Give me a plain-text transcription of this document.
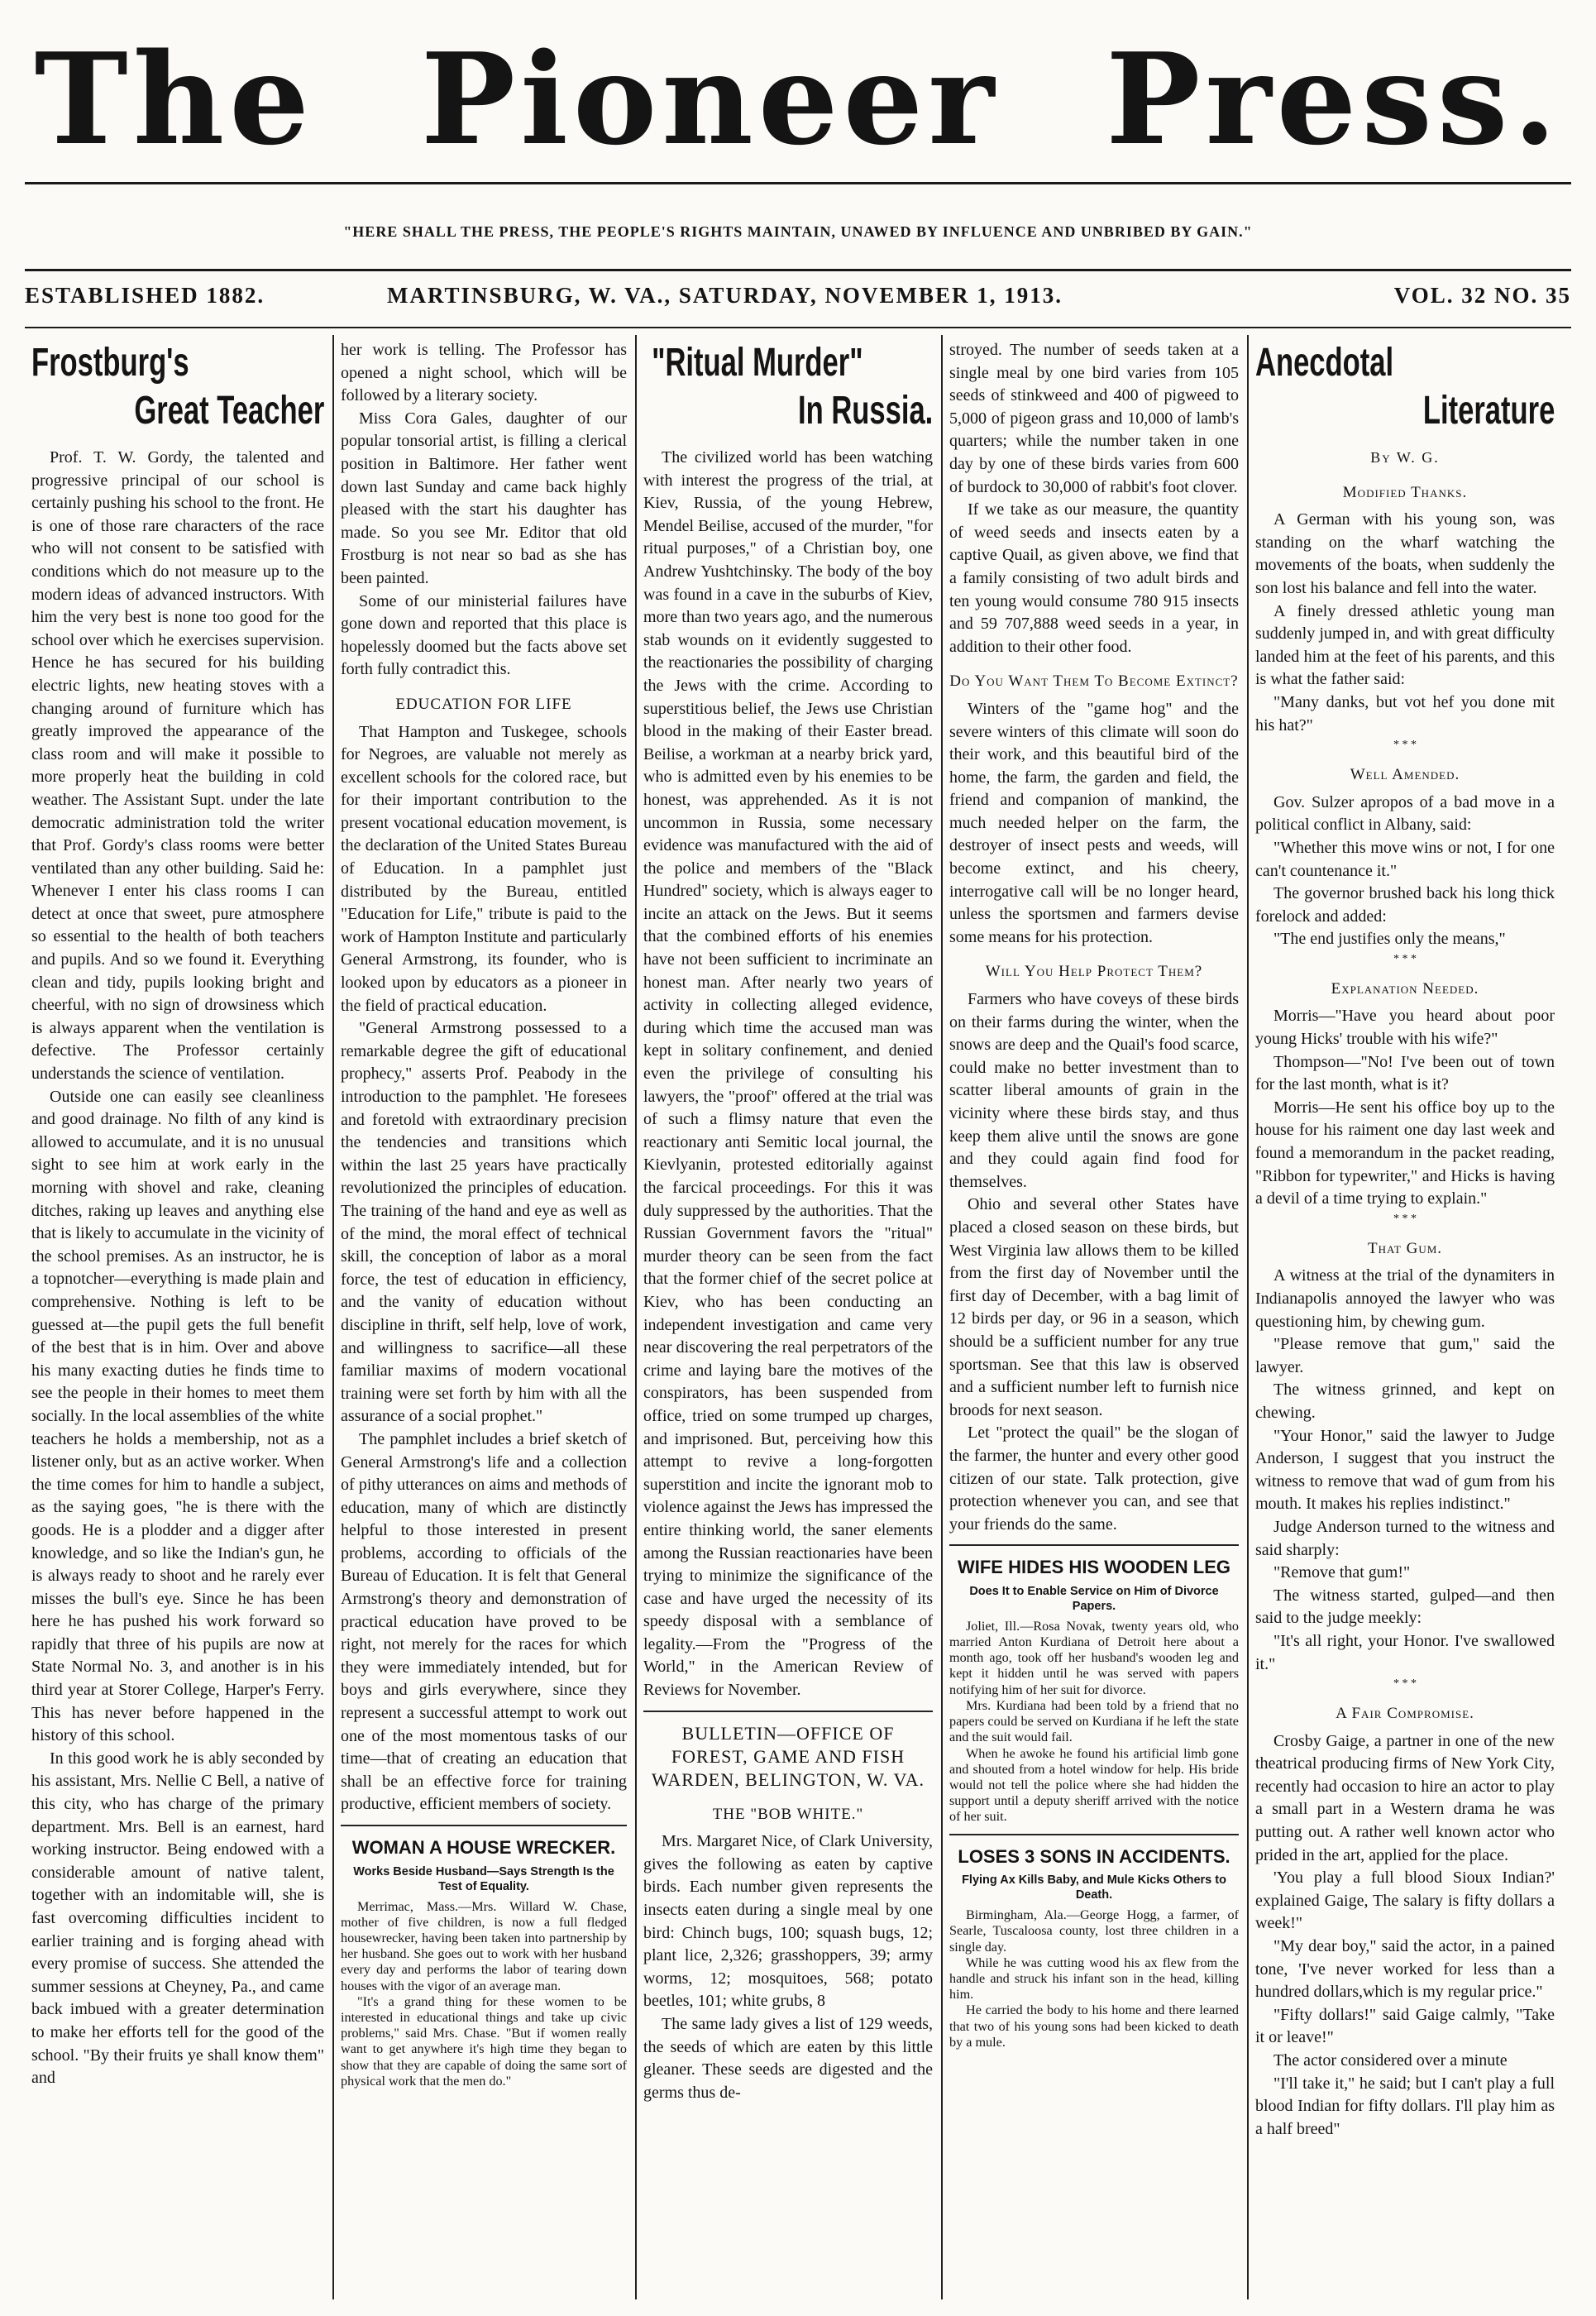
The Pioneer Press.
"HERE SHALL THE PRESS, THE PEOPLE'S RIGHTS MAINTAIN, UNAWED BY INFLUENCE AND UNBRIBED BY GAIN."
ESTABLISHED 1882.	MARTINSBURG, W. VA., SATURDAY, NOVEMBER 1, 1913.	VOL. 32 NO. 35
Frostburg's
Great Teacher

Prof. T. W. Gordy, the talented and progressive principal of our school is certainly pushing his school to the front. He is one of those rare characters of the race who will not consent to be satisfied with conditions which do not measure up to the modern ideas of advanced instructors. With him the very best is none too good for the school over which he exercises supervision. Hence he has secured for his building electric lights, new heating stoves with a changing around of furniture which has greatly improved the appearance of the class room and will make it possible to more properly heat the building in cold weather. The Assistant Supt. under the late democratic administration told the writer that Prof. Gordy's class rooms were better ventilated than any other building. Said he: Whenever I enter his class rooms I can detect at once that sweet, pure atmosphere so essential to the health of both teachers and pupils. And so we found it. Everything clean and tidy, pupils looking bright and cheerful, with no sign of drowsiness which is always apparent when the ventilation is defective. The Professor certainly understands the science of ventilation.

Outside one can easily see cleanliness and good drainage. No filth of any kind is allowed to accumulate, and it is no unusual sight to see him at work early in the morning with shovel and rake, cleaning ditches, raking up leaves and anything else that is likely to accumulate in the vicinity of the school premises. As an instructor, he is a topnotcher—everything is made plain and comprehensive. Nothing is left to be guessed at—the pupil gets the full benefit of the best that is in him. Over and above his many exacting duties he finds time to see the people in their homes to meet them socially. In the local assemblies of the white teachers he holds a membership, not as a listener only, but as an active worker. When the time comes for him to handle a subject, as the saying goes, "he is there with the goods. He is a plodder and a digger after knowledge, and so like the Indian's gun, he is always ready to shoot and he rarely ever misses the bull's eye. Since he has been here he has pushed his work forward so rapidly that three of his pupils are now at State Normal No. 3, and another is in his third year at Storer College, Harper's Ferry. This has never before happened in the history of this school.

In this good work he is ably seconded by his assistant, Mrs. Nellie C Bell, a native of this city, who has charge of the primary department. Mrs. Bell is an earnest, hard working instructor. Being endowed with a considerable amount of native talent, together with an indomitable will, she is fast overcoming difficulties incident to earlier training and is forging ahead with every promise of success. She attended the summer sessions at Cheyney, Pa., and came back imbued with a greater determination to make her efforts tell for the good of the school. "By their fruits ye shall know them" and

her work is telling. The Professor has opened a night school, which will be followed by a literary society.

Miss Cora Gales, daughter of our popular tonsorial artist, is filling a clerical position in Baltimore. Her father went down last Sunday and came back highly pleased with the start his daughter has made. So you see Mr. Editor that old Frostburg is not near so bad as she has been painted.

Some of our ministerial failures have gone down and reported that this place is hopelessly doomed but the facts above set forth fully contradict this.

EDUCATION FOR LIFE

That Hampton and Tuskegee, schools for Negroes, are valuable not merely as excellent schools for the colored race, but for their important contribution to the present vocational education movement, is the declaration of the United States Bureau of Education. In a pamphlet just distributed by the Bureau, entitled "Education for Life," tribute is paid to the work of Hampton Institute and particularly General Armstrong, its founder, who is looked upon by educators as a pioneer in the field of practical education.

"General Armstrong possessed to a remarkable degree the gift of educational prophecy," asserts Prof. Peabody in the introduction to the pamphlet. 'He foresees and foretold with extraordinary precision the tendencies and transitions which within the last 25 years have practically revolutionized the principles of education. The training of the hand and eye as well as of the mind, the moral effect of technical skill, the conception of labor as a moral force, the test of education in efficiency, and the vanity of education without discipline in thrift, self help, love of work, and willingness to sacrifice—all these familiar maxims of modern vocational training were set forth by him with all the assurance of a social prophet."

The pamphlet includes a brief sketch of General Armstrong's life and a collection of pithy utterances on aims and methods of education, many of which are distinctly helpful to those interested in present problems, according to officials of the Bureau of Education. It is felt that General Armstrong's theory and demonstration of practical education have proved to be right, not merely for the races for which they were immediately intended, but for boys and girls everywhere, since they represent a successful attempt to work out one of the most momentous tasks of our time—that of creating an education that shall be an effective force for training productive, efficient members of society.

WOMAN A HOUSE WRECKER.
Works Beside Husband—Says Strength Is the Test of Equality.

Merrimac, Mass.—Mrs. Willard W. Chase, mother of five children, is now a full fledged housewrecker, having been taken into partnership by her husband. She goes out to work with her husband every day and performs the labor of tearing down houses with the vigor of an average man.

"It's a grand thing for these women to be interested in educational things and take up civic problems," said Mrs. Chase. "But if women really want to get anywhere it's high time they began to show that they are capable of doing the same sort of physical work that the men do."

"Ritual Murder"
In Russia.

The civilized world has been watching with interest the progress of the trial, at Kiev, Russia, of the young Hebrew, Mendel Beilise, accused of the murder, "for ritual purposes," of a Christian boy, one Andrew Yushtchinsky. The body of the boy was found in a cave in the suburbs of Kiev, more than two years ago, and the numerous stab wounds on it evidently suggested to the reactionaries the possibility of charging the Jews with the crime. According to superstitious belief, the Jews use Christian blood in the making of their Easter bread. Beilise, a workman at a nearby brick yard, who is admitted even by his enemies to be honest, was apprehended. As it is not uncommon in Russia, some necessary evidence was manufactured with the aid of the police and members of the "Black Hundred" society, which is always eager to incite an attack on the Jews. But it seems that the combined efforts of his enemies have not been sufficient to incriminate an honest man. After nearly two years of activity in collecting alleged evidence, during which time the accused man was kept in solitary confinement, and denied even the privilege of consulting his lawyers, the "proof" offered at the trial was of such a flimsy nature that even the reactionary anti Semitic local journal, the Kievlyanin, protested editorially against the farcical proceedings. For this it was duly suppressed by the authorities. That the Russian Government favors the "ritual" murder theory can be seen from the fact that the former chief of the secret police at Kiev, who has been conducting an independent investigation and came very near discovering the real perpetrators of the crime and laying bare the motives of the conspirators, has been suspended from office, tried on some trumped up charges, and imprisoned. But, perceiving how this attempt to revive a long-forgotten superstition and incite the ignorant mob to violence against the Jews has impressed the entire thinking world, the saner elements among the Russian reactionaries have been trying to minimize the significance of the case and have urged the necessity of its speedy disposal with a semblance of legality.—From the "Progress of the World," in the American Review of Reviews for November.

BULLETIN—OFFICE OF FOREST, GAME AND FISH WARDEN, BELINGTON, W. VA.
THE "BOB WHITE."

Mrs. Margaret Nice, of Clark University, gives the following as eaten by captive birds. Each number given represents the insects eaten during a single meal by one bird: Chinch bugs, 100; squash bugs, 12; plant lice, 2,326; grasshoppers, 39; army worms, 12; mosquitoes, 568; potato beetles, 101; white grubs, 8

The same lady gives a list of 129 weeds, the seeds of which are eaten by this little gleaner. These seeds are digested and the germs thus de-

stroyed. The number of seeds taken at a single meal by one bird varies from 105 seeds of stinkweed and 400 of pigweed to 5,000 of pigeon grass and 10,000 of lamb's quarters; while the number taken in one day by one of these birds varies from 600 of burdock to 30,000 of rabbit's foot clover.

If we take as our measure, the quantity of weed seeds and insects eaten by a captive Quail, as given above, we find that a family consisting of two adult birds and ten young would consume 780 915 insects and 59 707,888 weed seeds in a year, in addition to their other food.

Do You Want Them To Become Extinct?

Winters of the "game hog" and the severe winters of this climate will soon do their work, and this beautiful bird of the home, the farm, the garden and field, the friend and companion of mankind, the much needed helper on the farm, the destroyer of insect pests and weeds, will become extinct, and his cheery, interrogative call will be no longer heard, unless the sportsmen and farmers devise some means for his protection.

Will You Help Protect Them?

Farmers who have coveys of these birds on their farms during the winter, when the snows are deep and the Quail's food scarce, could make no better investment than to scatter liberal amounts of grain in the vicinity where these birds stay, and thus keep them alive until the snows are gone and they could again find food for themselves.

Ohio and several other States have placed a closed season on these birds, but West Virginia law allows them to be killed from the first day of November until the first day of December, with a bag limit of 12 birds per day, or 96 in a season, which should be a sufficient number for any true sportsman. See that this law is observed and a sufficient number left to furnish nice broods for next season.

Let "protect the quail" be the slogan of the farmer, the hunter and every other good citizen of our state. Talk protection, give protection whenever you can, and see that your friends do the same.

WIFE HIDES HIS WOODEN LEG
Does It to Enable Service on Him of Divorce Papers.

Joliet, Ill.—Rosa Novak, twenty years old, who married Anton Kurdiana of Detroit here about a month ago, took off her husband's wooden leg and kept it hidden until he was served with papers notifying him of her suit for divorce.

Mrs. Kurdiana had been told by a friend that no papers could be served on Kurdiana if he left the state and the suit would fail.

When he awoke he found his artificial limb gone and shouted from a hotel window for help. His bride would not tell the police where she had hidden the support until a deputy sheriff arrived with the notice of her suit.

LOSES 3 SONS IN ACCIDENTS.
Flying Ax Kills Baby, and Mule Kicks Others to Death.

Birmingham, Ala.—George Hogg, a farmer, of Searle, Tuscaloosa county, lost three children in a single day.

While he was cutting wood his ax flew from the handle and struck his infant son in the head, killing him.

He carried the body to his home and there learned that two of his young sons had been kicked to death by a mule.

Anecdotal
Literature
By W. G.
Modified Thanks.

A German with his young son, was standing on the wharf watching the movements of the boats, when suddenly the son lost his balance and fell into the water.

A finely dressed athletic young man suddenly jumped in, and with great difficulty landed him at the feet of his parents, and this is what the father said:

"Many danks, but vot hef you done mit his hat?"

* * *
Well Amended.

Gov. Sulzer apropos of a bad move in a political conflict in Albany, said:

"Whether this move wins or not, I for one can't countenance it."

The governor brushed back his long thick forelock and added:

"The end justifies only the means,"

* * *
Explanation Needed.

Morris—"Have you heard about poor young Hicks' trouble with his wife?"

Thompson—"No! I've been out of town for the last month, what is it?

Morris—He sent his office boy up to the house for his raiment one day last week and found a memorandum in the packet reading, "Ribbon for typewriter," and Hicks is having a devil of a time trying to explain."

* * *
That Gum.

A witness at the trial of the dynamiters in Indianapolis annoyed the lawyer who was questioning him, by chewing gum.

"Please remove that gum," said the lawyer.

The witness grinned, and kept on chewing.

"Your Honor," said the lawyer to Judge Anderson, I suggest that you instruct the witness to remove that wad of gum from his mouth. It makes his replies indistinct."

Judge Anderson turned to the witness and said sharply:

"Remove that gum!"

The witness started, gulped—and then said to the judge meekly:

"It's all right, your Honor. I've swallowed it."

* * *
A Fair Compromise.

Crosby Gaige, a partner in one of the new theatrical producing firms of New York City, recently had occasion to hire an actor to play a small part in a Western drama he was putting out. A rather well known actor who prided in the art, applied for the place.

'You play a full blood Sioux Indian?' explained Gaige, The salary is fifty dollars a week!"

"My dear boy," said the actor, in a pained tone, 'I've never worked for less than a hundred dollars,which is my regular price."

"Fifty dollars!" said Gaige calmly, "Take it or leave!"

The actor considered over a minute

"I'll take it," he said; but I can't play a full blood Indian for fifty dollars. I'll play him as a half breed"
